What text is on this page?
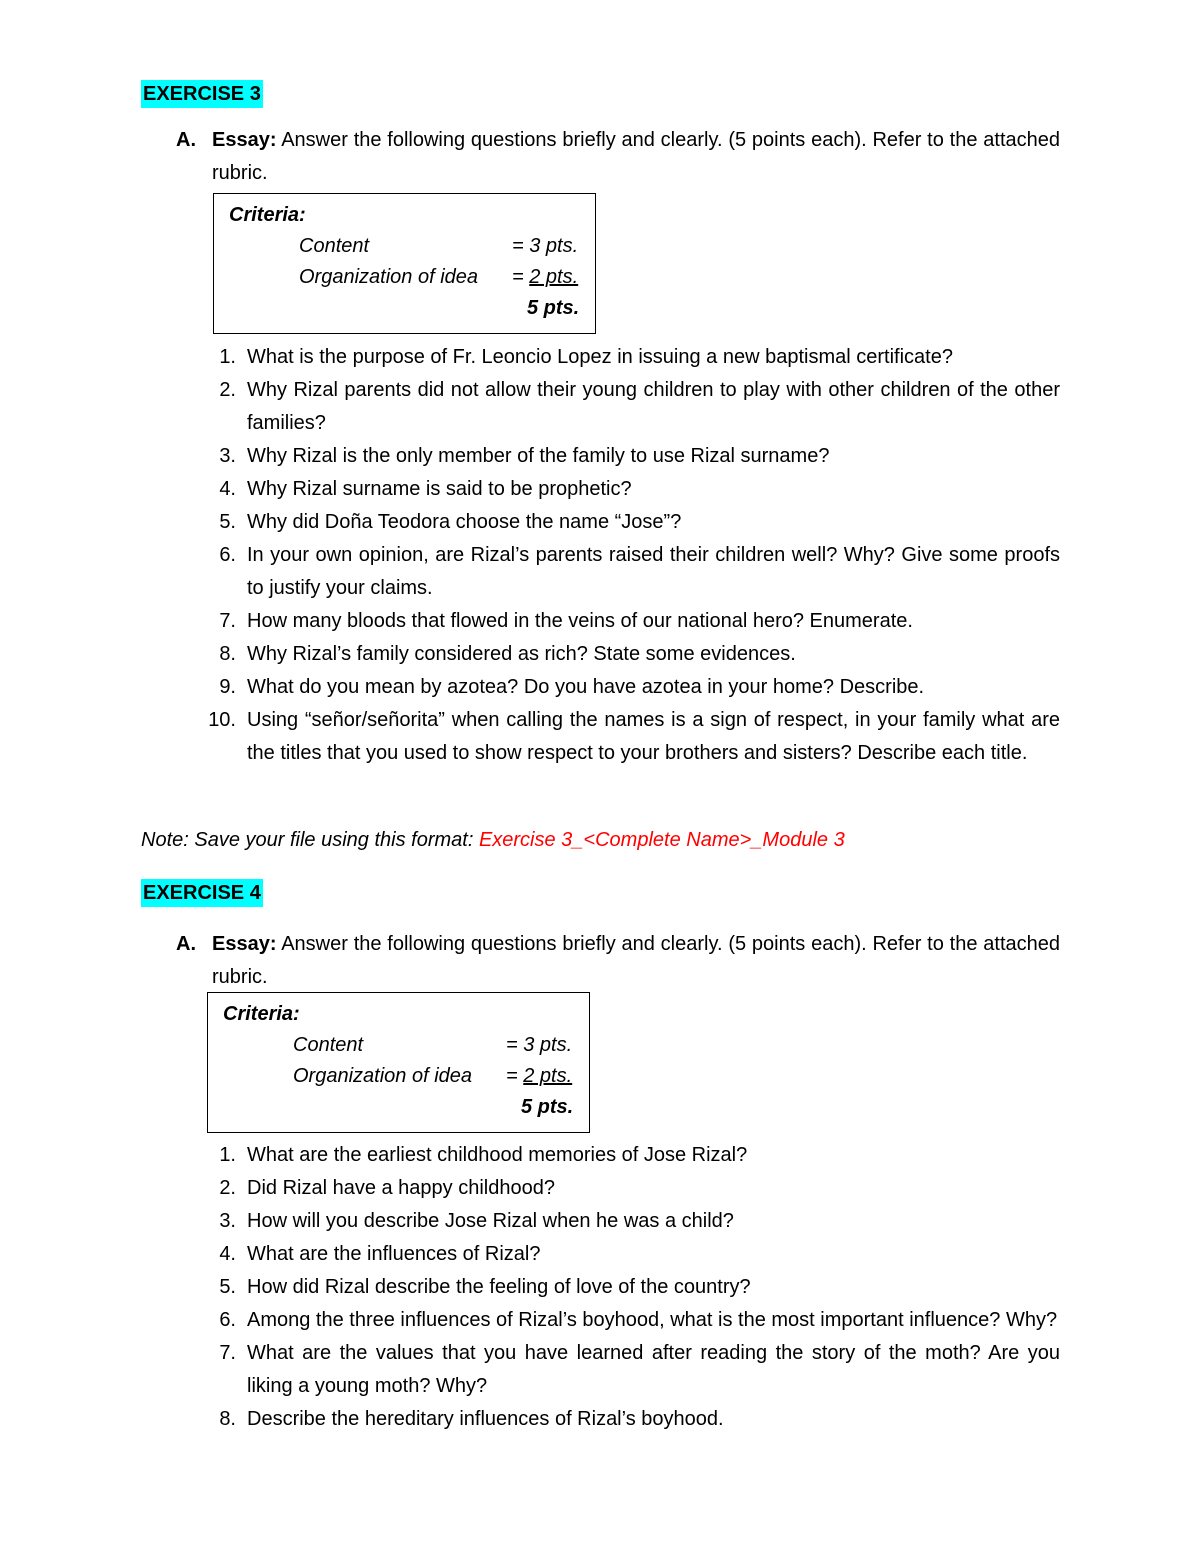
EXERCISE 3
A. Essay: Answer the following questions briefly and clearly. (5 points each). Refer to the attached rubric.
Criteria:
Content	= 3 pts.
Organization of idea = 2 pts.
5 pts.
1. What is the purpose of Fr. Leoncio Lopez in issuing a new baptismal certificate?
2. Why Rizal parents did not allow their young children to play with other children of the other families?
3. Why Rizal is the only member of the family to use Rizal surname?
4. Why Rizal surname is said to be prophetic?
5. Why did Doña Teodora choose the name “Jose”?
6. In your own opinion, are Rizal’s parents raised their children well? Why? Give some proofs to justify your claims.
7. How many bloods that flowed in the veins of our national hero? Enumerate.
8. Why Rizal’s family considered as rich? State some evidences.
9. What do you mean by azotea? Do you have azotea in your home? Describe.
10. Using “señor/señorita” when calling the names is a sign of respect, in your family what are the titles that you used to show respect to your brothers and sisters? Describe each title.
Note: Save your file using this format: Exercise 3_<Complete Name>_Module 3
EXERCISE 4
A. Essay: Answer the following questions briefly and clearly. (5 points each). Refer to the attached rubric.
Criteria:
Content	= 3 pts.
Organization of idea = 2 pts.
5 pts.
1. What are the earliest childhood memories of Jose Rizal?
2. Did Rizal have a happy childhood?
3. How will you describe Jose Rizal when he was a child?
4. What are the influences of Rizal?
5. How did Rizal describe the feeling of love of the country?
6. Among the three influences of Rizal’s boyhood, what is the most important influence? Why?
7. What are the values that you have learned after reading the story of the moth? Are you liking a young moth? Why?
8. Describe the hereditary influences of Rizal’s boyhood.
